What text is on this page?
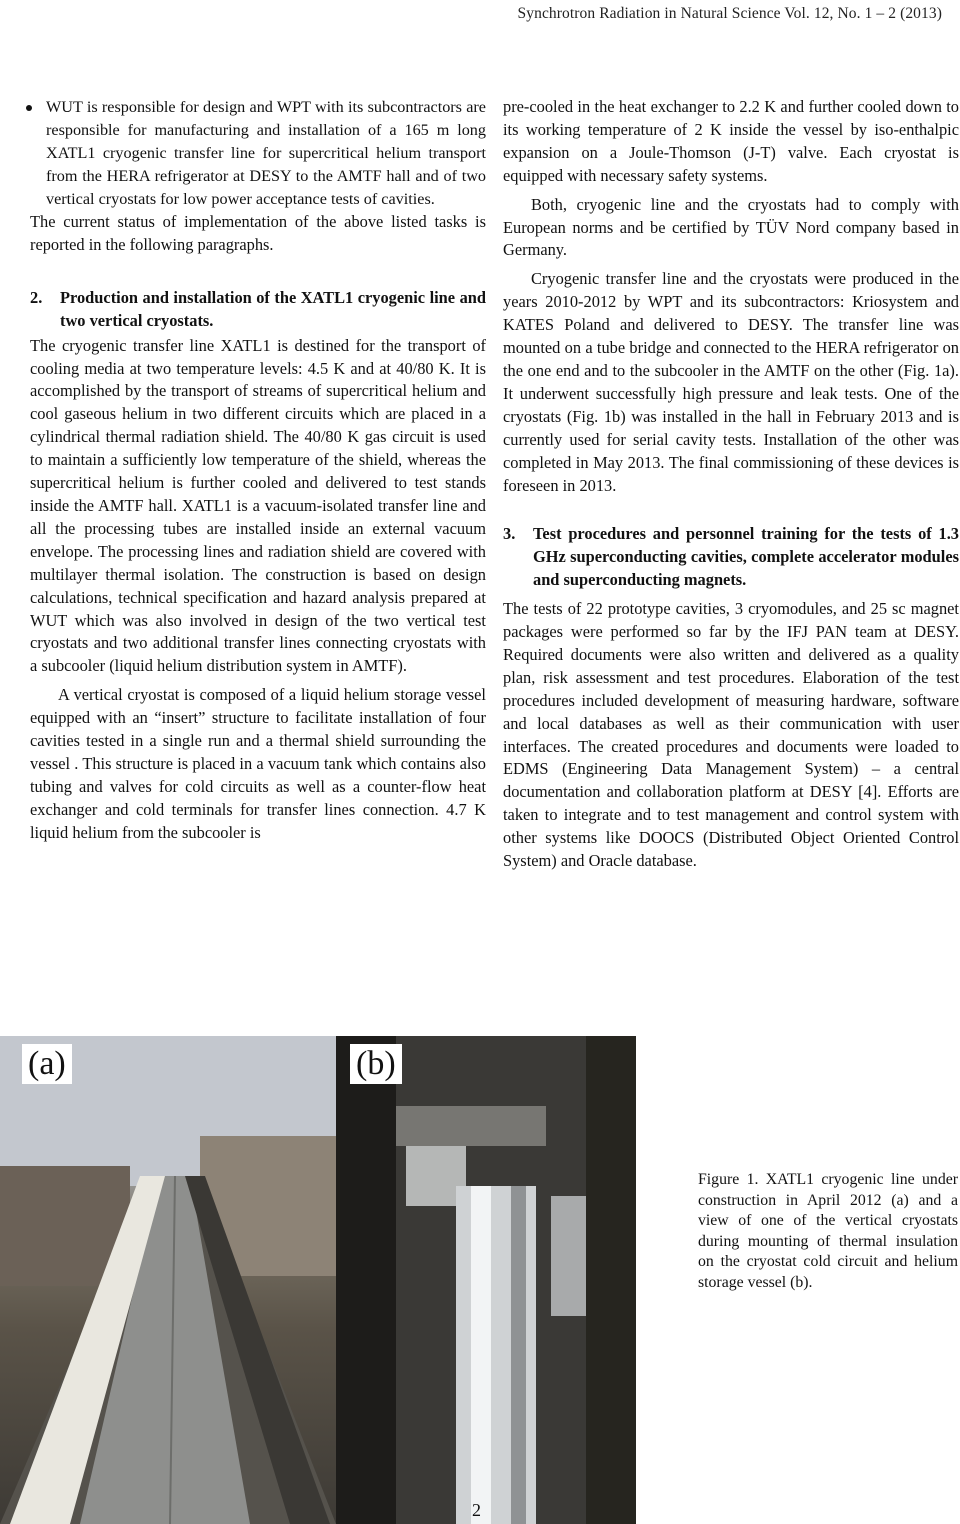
Synchrotron Radiation in Natural Science Vol. 12, No. 1 – 2 (2013)

WUT is responsible for design and WPT with its subcontractors are responsible for manufacturing and installation of a 165 m long XATL1 cryogenic transfer line for supercritical helium transport from the HERA refrigerator at DESY to the AMTF hall and of two vertical cryostats for low power acceptance tests of cavities.

The current status of implementation of the above listed tasks is reported in the following paragraphs.

2.	Production and installation of the XATL1 cryogenic line and two vertical cryostats.

The cryogenic transfer line XATL1 is destined for the transport of cooling media at two temperature levels: 4.5 K and at 40/80 K. It is accomplished by the transport of streams of supercritical helium and cool gaseous helium in two different circuits which are placed in a cylindrical thermal radiation shield. The 40/80 K gas circuit is used to maintain a sufficiently low temperature of the shield, whereas the supercritical helium is further cooled and delivered to test stands inside the AMTF hall. XATL1 is a vacuum-isolated transfer line and all the processing tubes are installed inside an external vacuum envelope. The processing lines and radiation shield are covered with multilayer thermal isolation. The construction is based on design calculations, technical specification and hazard analysis prepared at WUT which was also involved in design of the two vertical test cryostats and two additional transfer lines connecting cryostats with a subcooler (liquid helium distribution system in AMTF).

A vertical cryostat is composed of a liquid helium storage vessel equipped with an “insert” structure to facilitate installation of four cavities tested in a single run and a thermal shield surrounding the vessel . This structure is placed in a vacuum tank which contains also tubing and valves for cold circuits as well as a counter-flow heat exchanger and cold terminals for transfer lines connection. 4.7 K liquid helium from the subcooler is

pre-cooled in the heat exchanger to 2.2 K and further cooled down to its working temperature of 2 K inside the vessel by iso-enthalpic expansion on a Joule-Thomson (J-T) valve. Each cryostat is equipped with necessary safety systems.

Both, cryogenic line and the cryostats had to comply with European norms and be certified by TÜV Nord company based in Germany.

Cryogenic transfer line and the cryostats were produced in the years 2010-2012 by WPT and its subcontractors: Kriosystem and KATES Poland and delivered to DESY. The transfer line was mounted on a tube bridge and connected to the HERA refrigerator on the one end and to the subcooler in the AMTF on the other (Fig. 1a). It underwent successfully high pressure and leak tests. One of the cryostats (Fig. 1b) was installed in the hall in February 2013 and is currently used for serial cavity tests. Installation of the other was completed in May 2013. The final commissioning of these devices is foreseen in 2013.

3.	Test procedures and personnel training for the tests of 1.3 GHz superconducting cavities, complete accelerator modules and superconducting magnets.

The tests of 22 prototype cavities, 3 cryomodules, and 25 sc magnet packages were performed so far by the IFJ PAN team at DESY. Required documents were also written and delivered as a quality plan, risk assessment and test procedures. Elaboration of the test procedures included development of measuring hardware, software and local databases as well as their communication with user interfaces. The created procedures and documents were loaded to EDMS (Engineering Data Management System) – a central documentation and collaboration platform at DESY [4]. Efforts are taken to integrate and to test management and control system with other systems like DOOCS (Distributed Object Oriented Control System) and Oracle database.

(a)	(b)
Figure 1. XATL1 cryogenic line under construction in April 2012 (a) and a view of one of the vertical cryostats during mounting of thermal insulation on the cryostat cold circuit and helium storage vessel (b).
2
